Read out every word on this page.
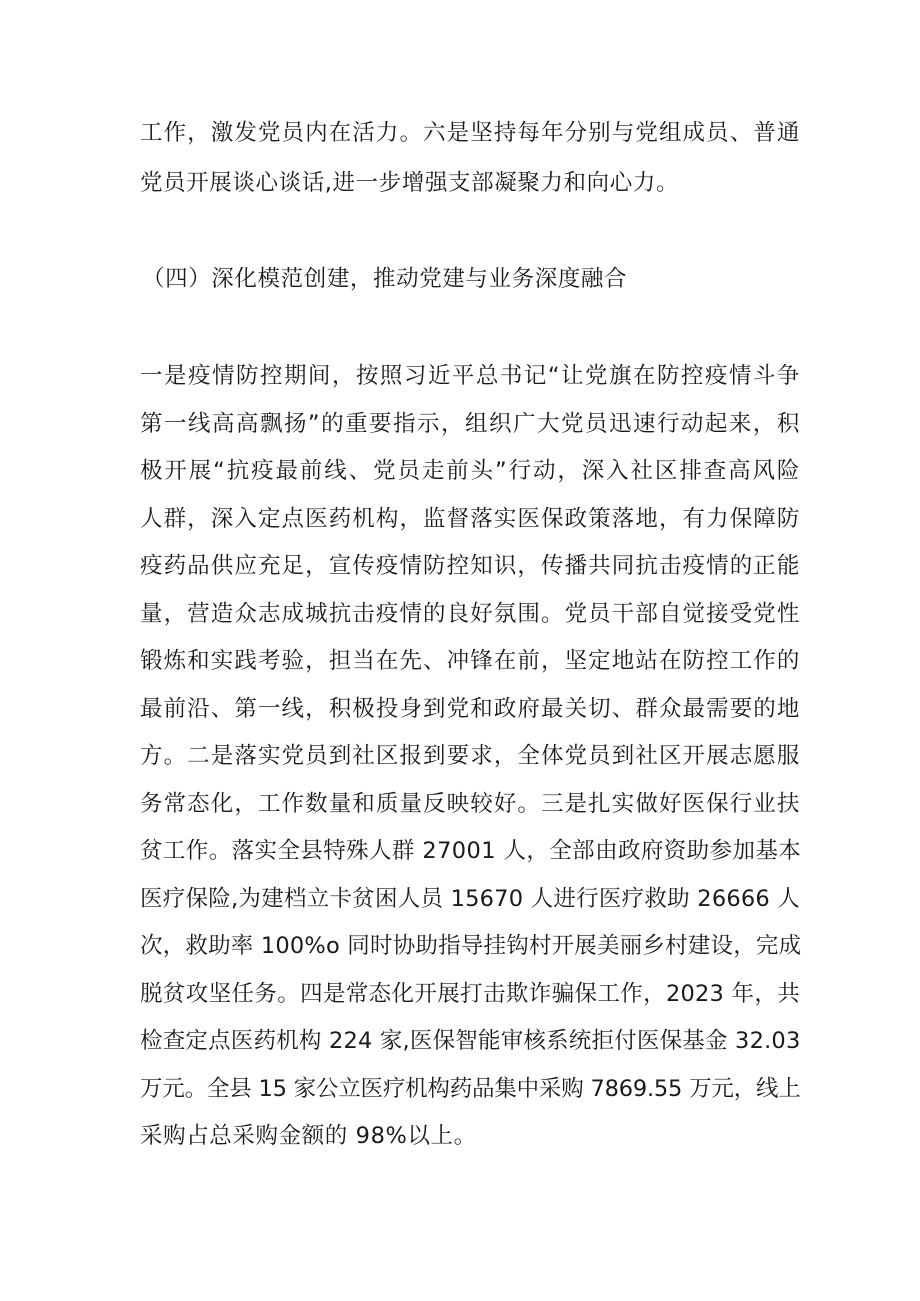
工作，激发党员内在活力。六是坚持每年分别与党组成员、普通
党员开展谈心谈话,进一步增强支部凝聚力和向心力。
（四）深化模范创建，推动党建与业务深度融合
一是疫情防控期间，按照习近平总书记“让党旗在防控疫情斗争
第一线高高飘扬”的重要指示，组织广大党员迅速行动起来，积
极开展“抗疫最前线、党员走前头”行动，深入社区排查高风险
人群，深入定点医药机构，监督落实医保政策落地，有力保障防
疫药品供应充足，宣传疫情防控知识，传播共同抗击疫情的正能
量，营造众志成城抗击疫情的良好氛围。党员干部自觉接受党性
锻炼和实践考验，担当在先、冲锋在前，坚定地站在防控工作的
最前沿、第一线，积极投身到党和政府最关切、群众最需要的地
方。二是落实党员到社区报到要求，全体党员到社区开展志愿服
务常态化，工作数量和质量反映较好。三是扎实做好医保行业扶
贫工作。落实全县特殊人群 27001 人，全部由政府资助参加基本
医疗保险,为建档立卡贫困人员 15670 人进行医疗救助 26666 人
次，救助率 100%o 同时协助指导挂钩村开展美丽乡村建设，完成
脱贫攻坚任务。四是常态化开展打击欺诈骗保工作，2023 年，共
检查定点医药机构 224 家,医保智能审核系统拒付医保基金 32.03
万元。全县 15 家公立医疗机构药品集中采购 7869.55 万元，线上
采购占总采购金额的 98%以上。
